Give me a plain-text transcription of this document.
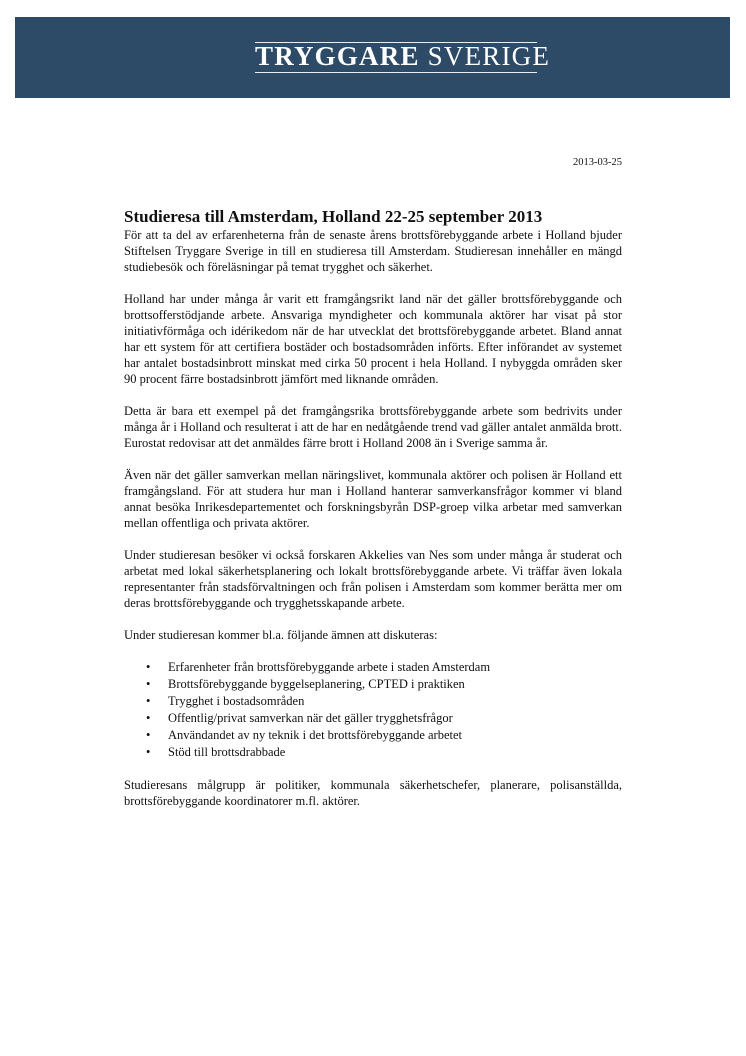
TRYGGARE SVERIGE
2013-03-25
Studieresa till Amsterdam, Holland 22-25 september 2013

För att ta del av erfarenheterna från de senaste årens brottsförebyggande arbete i Holland bjuder Stiftelsen Tryggare Sverige in till en studieresa till Amsterdam. Studieresan innehåller en mängd studiebesök och föreläsningar på temat trygghet och säkerhet.

Holland har under många år varit ett framgångsrikt land när det gäller brottsförebyggande och brottsofferstödjande arbete. Ansvariga myndigheter och kommunala aktörer har visat på stor initiativförmåga och idérikedom när de har utvecklat det brottsförebyggande arbetet. Bland annat har ett system för att certifiera bostäder och bostadsområden införts. Efter införandet av systemet har antalet bostadsinbrott minskat med cirka 50 procent i hela Holland. I nybyggda områden sker 90 procent färre bostadsinbrott jämfört med liknande områden.

Detta är bara ett exempel på det framgångsrika brottsförebyggande arbete som bedrivits under många år i Holland och resulterat i att de har en nedåtgående trend vad gäller antalet anmälda brott. Eurostat redovisar att det anmäldes färre brott i Holland 2008 än i Sverige samma år.

Även när det gäller samverkan mellan näringslivet, kommunala aktörer och polisen är Holland ett framgångsland. För att studera hur man i Holland hanterar samverkansfrågor kommer vi bland annat besöka Inrikesdepartementet och forskningsbyrån DSP-groep vilka arbetar med samverkan mellan offentliga och privata aktörer.

Under studieresan besöker vi också forskaren Akkelies van Nes som under många år studerat och arbetat med lokal säkerhetsplanering och lokalt brottsförebyggande arbete. Vi träffar även lokala representanter från stadsförvaltningen och från polisen i Amsterdam som kommer berätta mer om deras brottsförebyggande och trygghetsskapande arbete.

Under studieresan kommer bl.a. följande ämnen att diskuteras:

• Erfarenheter från brottsförebyggande arbete i staden Amsterdam
• Brottsförebyggande byggelseplanering, CPTED i praktiken
• Trygghet i bostadsområden
• Offentlig/privat samverkan när det gäller trygghetsfrågor
• Användandet av ny teknik i det brottsförebyggande arbetet
• Stöd till brottsdrabbade

Studieresans målgrupp är politiker, kommunala säkerhetschefer, planerare, polisanställda, brottsförebyggande koordinatorer m.fl. aktörer.
